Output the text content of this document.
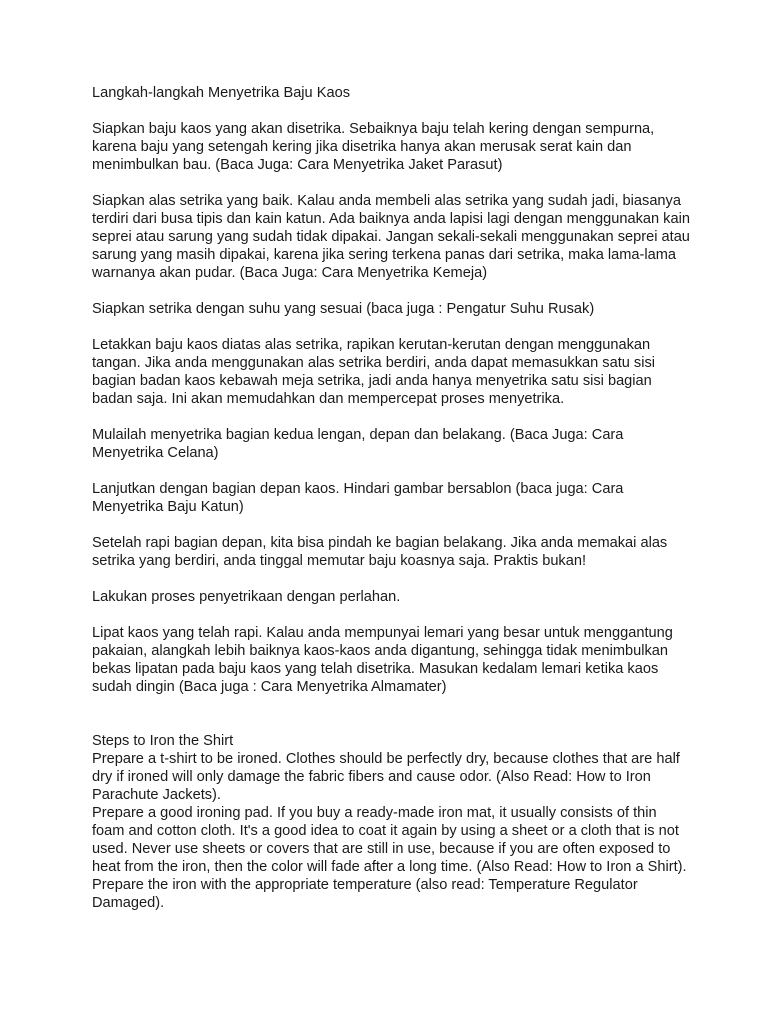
Langkah-langkah Menyetrika Baju Kaos

Siapkan baju kaos yang akan disetrika. Sebaiknya baju telah kering dengan sempurna, karena baju yang setengah kering jika disetrika hanya akan merusak serat kain dan menimbulkan bau. (Baca Juga: Cara Menyetrika Jaket Parasut)

Siapkan alas setrika yang baik. Kalau anda membeli alas setrika yang sudah jadi, biasanya terdiri dari busa tipis dan kain katun. Ada baiknya anda lapisi lagi dengan menggunakan kain seprei atau sarung yang sudah tidak dipakai. Jangan sekali-sekali menggunakan seprei atau sarung yang masih dipakai, karena jika sering terkena panas dari setrika, maka lama-lama warnanya akan pudar. (Baca Juga: Cara Menyetrika Kemeja)

Siapkan setrika dengan suhu yang sesuai (baca juga : Pengatur Suhu Rusak)

Letakkan baju kaos diatas alas setrika, rapikan kerutan-kerutan dengan menggunakan tangan. Jika anda menggunakan alas setrika berdiri, anda dapat memasukkan satu sisi bagian badan kaos kebawah meja setrika, jadi anda hanya menyetrika satu sisi bagian badan saja. Ini akan memudahkan dan mempercepat proses menyetrika.

Mulailah menyetrika bagian kedua lengan, depan dan belakang. (Baca Juga: Cara Menyetrika Celana)

Lanjutkan dengan bagian depan kaos. Hindari gambar bersablon (baca juga: Cara Menyetrika Baju Katun)

Setelah rapi bagian depan, kita bisa pindah ke bagian belakang. Jika anda memakai alas setrika yang berdiri, anda tinggal memutar baju koasnya saja. Praktis bukan!

Lakukan proses penyetrikaan dengan perlahan.

Lipat kaos yang telah rapi. Kalau anda mempunyai lemari yang besar untuk menggantung pakaian, alangkah lebih baiknya kaos-kaos anda digantung, sehingga tidak menimbulkan bekas lipatan pada baju kaos yang telah disetrika. Masukan kedalam lemari ketika kaos sudah dingin (Baca juga : Cara Menyetrika Almamater)

Steps to Iron the Shirt

Prepare a t-shirt to be ironed. Clothes should be perfectly dry, because clothes that are half dry if ironed will only damage the fabric fibers and cause odor. (Also Read: How to Iron Parachute Jackets).

Prepare a good ironing pad. If you buy a ready-made iron mat, it usually consists of thin foam and cotton cloth. It's a good idea to coat it again by using a sheet or a cloth that is not used. Never use sheets or covers that are still in use, because if you are often exposed to heat from the iron, then the color will fade after a long time. (Also Read: How to Iron a Shirt).

Prepare the iron with the appropriate temperature (also read: Temperature Regulator Damaged).
